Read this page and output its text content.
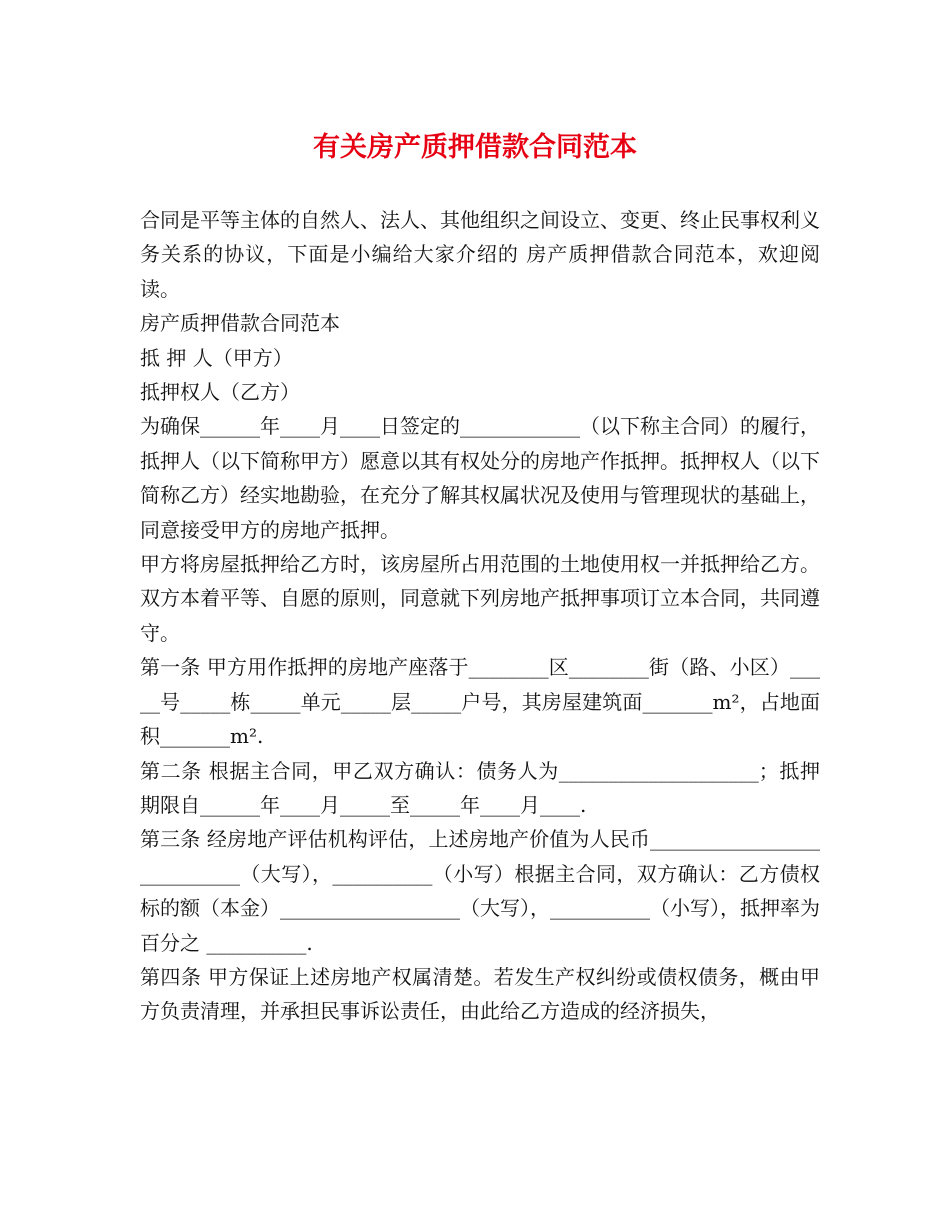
有关房产质押借款合同范本

合同是平等主体的自然人、法人、其他组织之间设立、变更、终止民事权利义务关系的协议，下面是小编给大家介绍的 房产质押借款合同范本，欢迎阅读。

房产质押借款合同范本

抵 押 人（甲方）

抵押权人（乙方）

为确保______年____月____日签定的____________（以下称主合同）的履行，抵押人（以下简称甲方）愿意以其有权处分的房地产作抵押。抵押权人（以下简称乙方）经实地勘验，在充分了解其权属状况及使用与管理现状的基础上，同意接受甲方的房地产抵押。

甲方将房屋抵押给乙方时，该房屋所占用范围的土地使用权一并抵押给乙方。

双方本着平等、自愿的原则，同意就下列房地产抵押事项订立本合同，共同遵守。

第一条 甲方用作抵押的房地产座落于________区________街（路、小区）_____号_____栋_____单元_____层_____户号，其房屋建筑面_______m²，占地面积_______m².

第二条 根据主合同，甲乙双方确认：债务人为____________________；抵押期限自______年____月_____至_____年____月____.

第三条 经房地产评估机构评估，上述房地产价值为人民币___________________________（大写），__________（小写）根据主合同，双方确认：乙方债权标的额（本金）__________________（大写），__________（小写），抵押率为百分之 __________.

第四条 甲方保证上述房地产权属清楚。若发生产权纠纷或债权债务，概由甲方负责清理，并承担民事诉讼责任，由此给乙方造成的经济损失，
